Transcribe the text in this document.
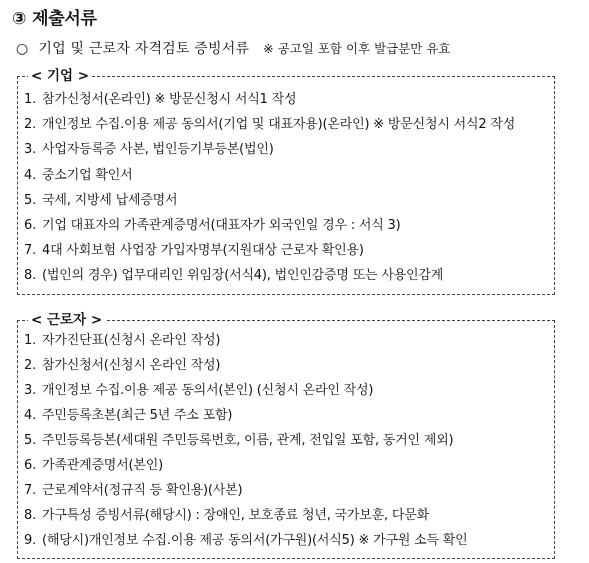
③ 제출서류
○ 기업 및 근로자 자격검토 증빙서류 ※ 공고일 포함 이후 발급분만 유효
< 기업 >
1. 참가신청서(온라인) ※ 방문신청시 서식1 작성
2. 개인정보 수집.이용 제공 동의서(기업 및 대표자용)(온라인) ※ 방문신청시 서식2 작성
3. 사업자등록증 사본, 법인등기부등본(법인)
4. 중소기업 확인서
5. 국세, 지방세 납세증명서
6. 기업 대표자의 가족관계증명서(대표자가 외국인일 경우 : 서식 3)
7. 4대 사회보험 사업장 가입자명부(지원대상 근로자 확인용)
8. (법인의 경우) 업무대리인 위임장(서식4), 법인인감증명 또는 사용인감계
< 근로자 >
1. 자가진단표(신청시 온라인 작성)
2. 참가신청서(신청시 온라인 작성)
3. 개인정보 수집.이용 제공 동의서(본인) (신청시 온라인 작성)
4. 주민등록초본(최근 5년 주소 포함)
5. 주민등록등본(세대원 주민등록번호, 이름, 관계, 전입일 포함, 동거인 제외)
6. 가족관계증명서(본인)
7. 근로계약서(정규직 등 확인용)(사본)
8. 가구특성 증빙서류(해당시) : 장애인, 보호종료 청년, 국가보훈, 다문화
9. (해당시)개인정보 수집.이용 제공 동의서(가구원)(서식5) ※ 가구원 소득 확인
